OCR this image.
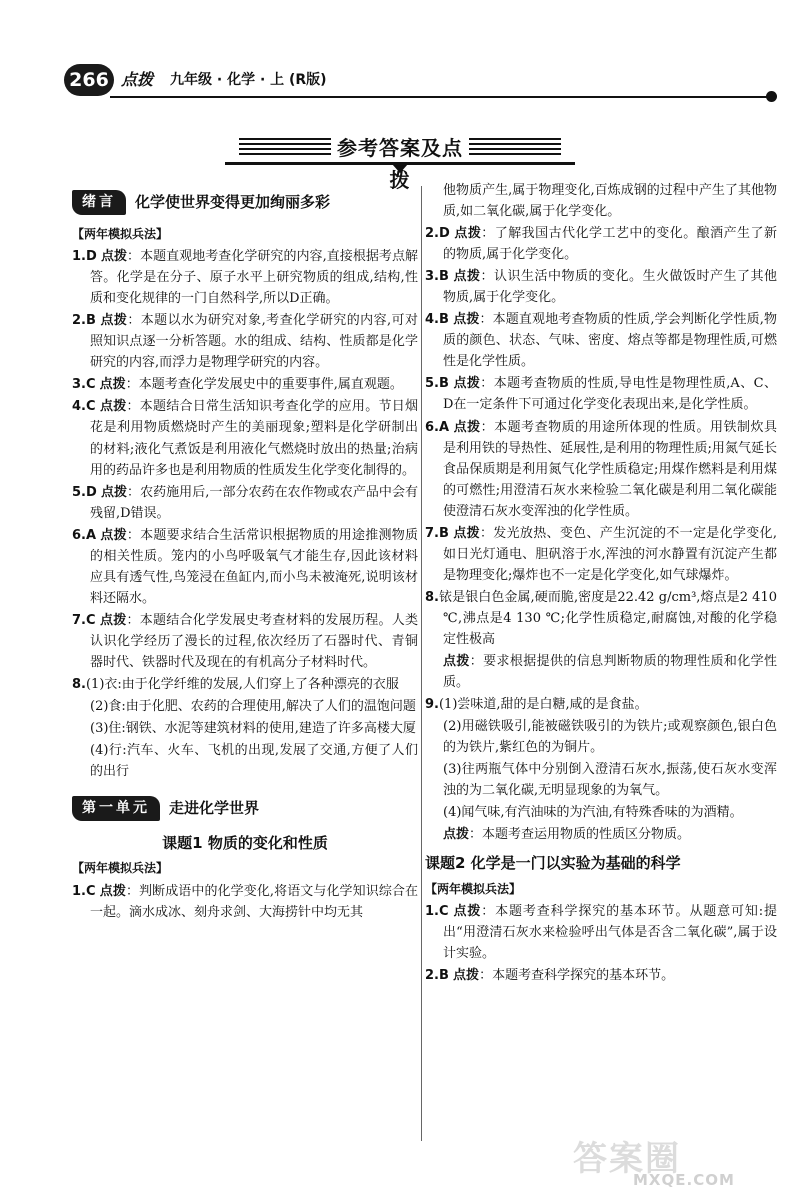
266 点拨 九年级 · 化学 · 上 (R版)
参考答案及点拨
绪言	化学使世界变得更加绚丽多彩
【两年模拟兵法】
1.D 点拨：本题直观地考查化学研究的内容,直接根据考点解答。化学是在分子、原子水平上研究物质的组成,结构,性质和变化规律的一门自然科学,所以D正确。
2.B 点拨：本题以水为研究对象,考查化学研究的内容,可对照知识点逐一分析答题。水的组成、结构、性质都是化学研究的内容,而浮力是物理学研究的内容。
3.C 点拨：本题考查化学发展史中的重要事件,属直观题。
4.C 点拨：本题结合日常生活知识考查化学的应用。节日烟花是利用物质燃烧时产生的美丽现象;塑料是化学研制出的材料;液化气煮饭是利用液化气燃烧时放出的热量;治病用的药品许多也是利用物质的性质发生化学变化制得的。
5.D 点拨：农药施用后,一部分农药在农作物或农产品中会有残留,D错误。
6.A 点拨：本题要求结合生活常识根据物质的用途推测物质的相关性质。笼内的小鸟呼吸氧气才能生存,因此该材料应具有透气性,鸟笼浸在鱼缸内,而小鸟未被淹死,说明该材料还隔水。
7.C 点拨：本题结合化学发展史考查材料的发展历程。人类认识化学经历了漫长的过程,依次经历了石器时代、青铜器时代、铁器时代及现在的有机高分子材料时代。
8.(1)衣:由于化学纤维的发展,人们穿上了各种漂亮的衣服
(2)食:由于化肥、农药的合理使用,解决了人们的温饱问题
(3)住:钢铁、水泥等建筑材料的使用,建造了许多高楼大厦
(4)行:汽车、火车、飞机的出现,发展了交通,方便了人们的出行
第一单元	走进化学世界
课题1 物质的变化和性质
【两年模拟兵法】
1.C 点拨：判断成语中的化学变化,将语文与化学知识综合在一起。滴水成冰、刻舟求剑、大海捞针中均无其
他物质产生,属于物理变化,百炼成钢的过程中产生了其他物质,如二氧化碳,属于化学变化。
2.D 点拨：了解我国古代化学工艺中的变化。酿酒产生了新的物质,属于化学变化。
3.B 点拨：认识生活中物质的变化。生火做饭时产生了其他物质,属于化学变化。
4.B 点拨：本题直观地考查物质的性质,学会判断化学性质,物质的颜色、状态、气味、密度、熔点等都是物理性质,可燃性是化学性质。
5.B 点拨：本题考查物质的性质,导电性是物理性质,A、C、D在一定条件下可通过化学变化表现出来,是化学性质。
6.A 点拨：本题考查物质的用途所体现的性质。用铁制炊具是利用铁的导热性、延展性,是利用的物理性质;用氮气延长食品保质期是利用氮气化学性质稳定;用煤作燃料是利用煤的可燃性;用澄清石灰水来检验二氧化碳是利用二氧化碳能使澄清石灰水变浑浊的化学性质。
7.B 点拨：发光放热、变色、产生沉淀的不一定是化学变化,如日光灯通电、胆矾溶于水,浑浊的河水静置有沉淀产生都是物理变化;爆炸也不一定是化学变化,如气球爆炸。
8.铱是银白色金属,硬而脆,密度是22.42 g/cm³,熔点是2 410 ℃,沸点是4 130 ℃;化学性质稳定,耐腐蚀,对酸的化学稳定性极高
点拨：要求根据提供的信息判断物质的物理性质和化学性质。
9.(1)尝味道,甜的是白糖,咸的是食盐。
(2)用磁铁吸引,能被磁铁吸引的为铁片;或观察颜色,银白色的为铁片,紫红色的为铜片。
(3)往两瓶气体中分别倒入澄清石灰水,振荡,使石灰水变浑浊的为二氧化碳,无明显现象的为氧气。
(4)闻气味,有汽油味的为汽油,有特殊香味的为酒精。
点拨：本题考查运用物质的性质区分物质。
课题2 化学是一门以实验为基础的科学
【两年模拟兵法】
1.C 点拨：本题考查科学探究的基本环节。从题意可知:提出“用澄清石灰水来检验呼出气体是否含二氧化碳”,属于设计实验。
2.B 点拨：本题考查科学探究的基本环节。
答案圈
MXQE.COM
